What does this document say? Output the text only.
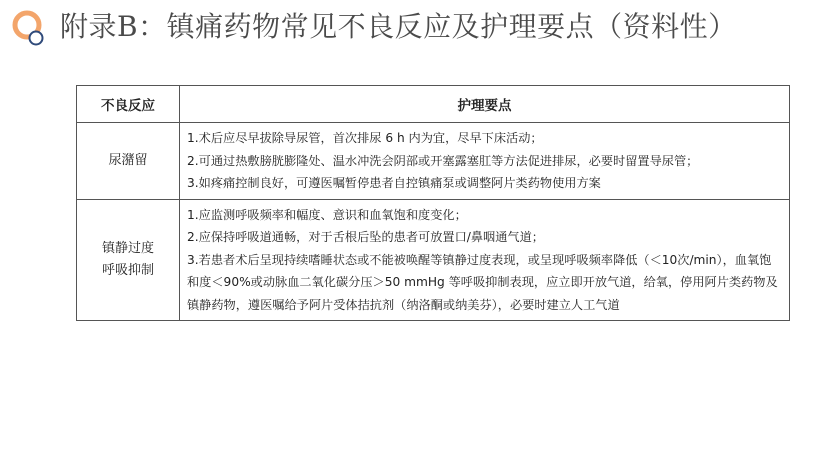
附录B：镇痛药物常见不良反应及护理要点（资料性）
不良反应	护理要点

尿潴留	1.术后应尽早拔除导尿管，首次排尿 6 h 内为宜，尽早下床活动；
2.可通过热敷膀胱膨隆处、温水冲洗会阴部或开塞露塞肛等方法促进排尿，必要时留置导尿管；
3.如疼痛控制良好，可遵医嘱暂停患者自控镇痛泵或调整阿片类药物使用方案

镇静过度
呼吸抑制	1.应监测呼吸频率和幅度、意识和血氧饱和度变化；
2.应保持呼吸道通畅，对于舌根后坠的患者可放置口/鼻咽通气道；
3.若患者术后呈现持续嗜睡状态或不能被唤醒等镇静过度表现，或呈现呼吸频率降低（＜10次/min），血氧饱和度＜90%或动脉血二氧化碳分压＞50 mmHg 等呼吸抑制表现，应立即开放气道，给氧，停用阿片类药物及镇静药物，遵医嘱给予阿片受体拮抗剂（纳洛酮或纳美芬），必要时建立人工气道
